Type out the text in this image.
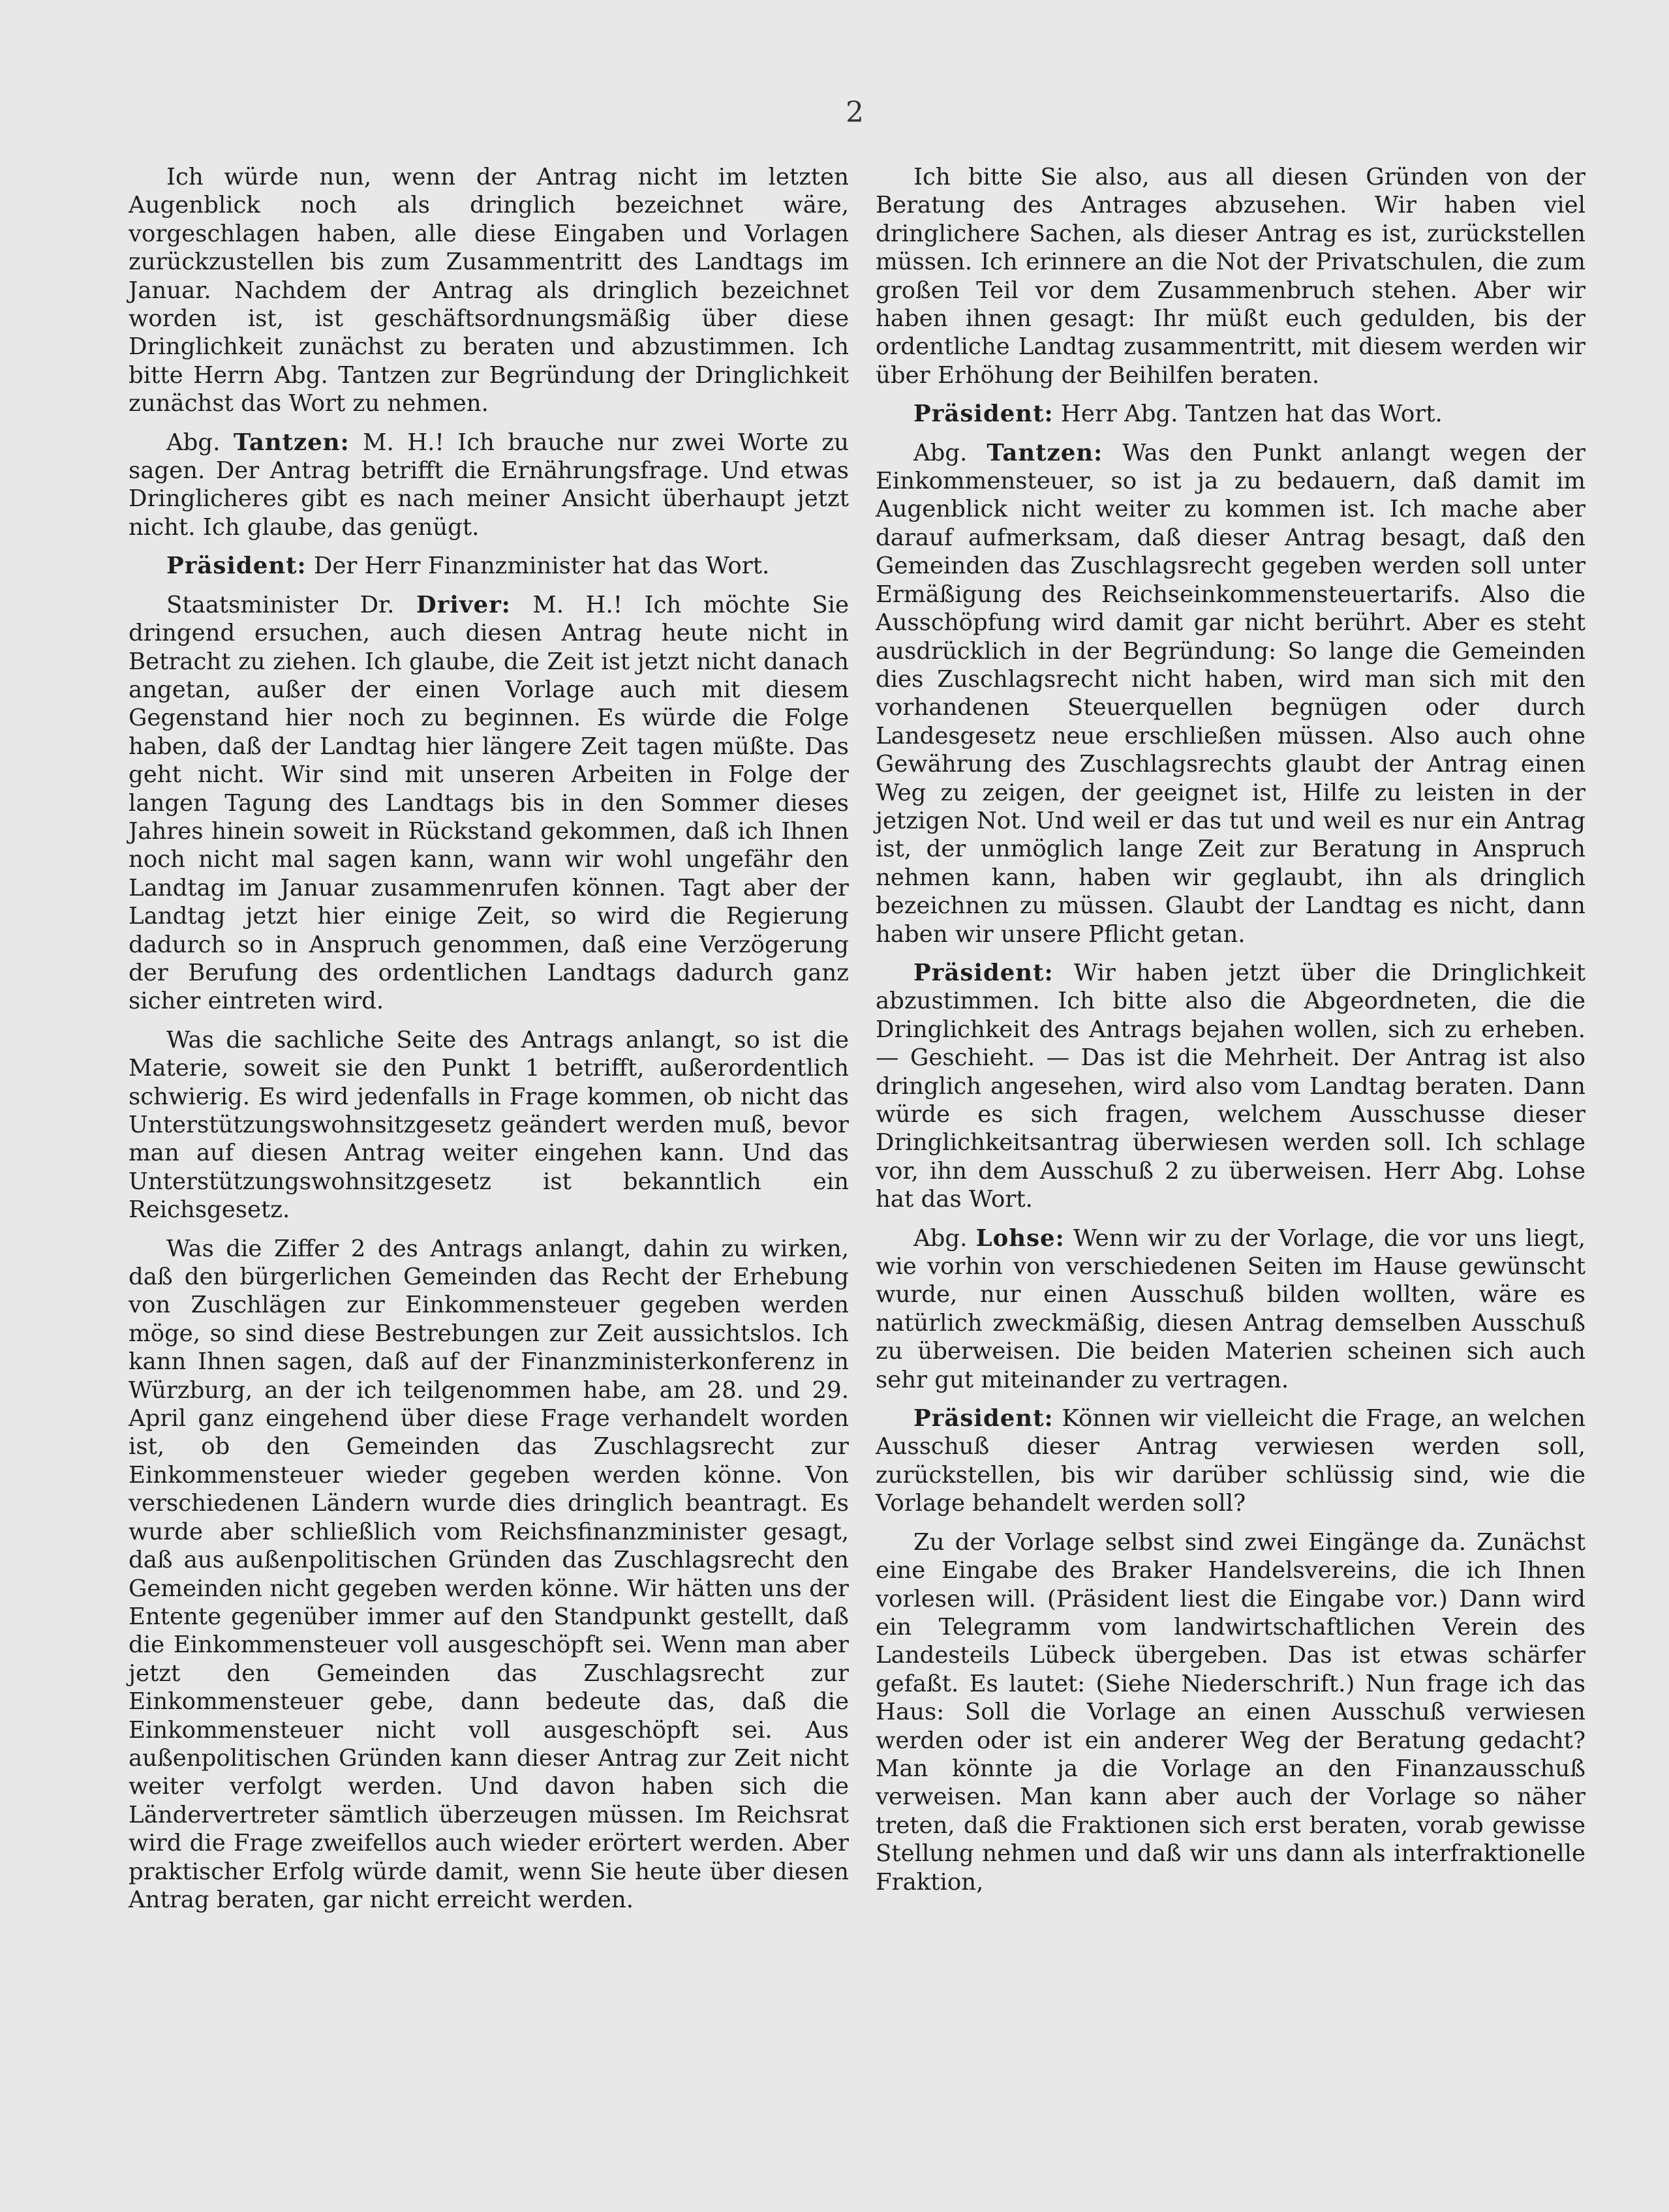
2

Ich würde nun, wenn der Antrag nicht im letzten Augenblick noch als dringlich bezeichnet wäre, vorgeschlagen haben, alle diese Eingaben und Vorlagen zurückzustellen bis zum Zusammentritt des Landtags im Januar. Nachdem der Antrag als dringlich bezeichnet worden ist, ist geschäftsordnungsmäßig über diese Dringlichkeit zunächst zu beraten und abzustimmen. Ich bitte Herrn Abg. Tantzen zur Begründung der Dringlichkeit zunächst das Wort zu nehmen.

Abg. Tantzen: M. H.! Ich brauche nur zwei Worte zu sagen. Der Antrag betrifft die Ernährungsfrage. Und etwas Dringlicheres gibt es nach meiner Ansicht überhaupt jetzt nicht. Ich glaube, das genügt.

Präsident: Der Herr Finanzminister hat das Wort.

Staatsminister Dr. Driver: M. H.! Ich möchte Sie dringend ersuchen, auch diesen Antrag heute nicht in Betracht zu ziehen. Ich glaube, die Zeit ist jetzt nicht danach angetan, außer der einen Vorlage auch mit diesem Gegenstand hier noch zu beginnen. Es würde die Folge haben, daß der Landtag hier längere Zeit tagen müßte. Das geht nicht. Wir sind mit unseren Arbeiten in Folge der langen Tagung des Landtags bis in den Sommer dieses Jahres hinein soweit in Rückstand gekommen, daß ich Ihnen noch nicht mal sagen kann, wann wir wohl ungefähr den Landtag im Januar zusammenrufen können. Tagt aber der Landtag jetzt hier einige Zeit, so wird die Regierung dadurch so in Anspruch genommen, daß eine Verzögerung der Berufung des ordentlichen Landtags dadurch ganz sicher eintreten wird.

Was die sachliche Seite des Antrags anlangt, so ist die Materie, soweit sie den Punkt 1 betrifft, außerordentlich schwierig. Es wird jedenfalls in Frage kommen, ob nicht das Unterstützungswohnsitzgesetz geändert werden muß, bevor man auf diesen Antrag weiter eingehen kann. Und das Unterstützungswohnsitzgesetz ist bekanntlich ein Reichsgesetz.

Was die Ziffer 2 des Antrags anlangt, dahin zu wirken, daß den bürgerlichen Gemeinden das Recht der Erhebung von Zuschlägen zur Einkommensteuer gegeben werden möge, so sind diese Bestrebungen zur Zeit aussichtslos. Ich kann Ihnen sagen, daß auf der Finanzministerkonferenz in Würzburg, an der ich teilgenommen habe, am 28. und 29. April ganz eingehend über diese Frage verhandelt worden ist, ob den Gemeinden das Zuschlagsrecht zur Einkommensteuer wieder gegeben werden könne. Von verschiedenen Ländern wurde dies dringlich beantragt. Es wurde aber schließlich vom Reichsfinanzminister gesagt, daß aus außenpolitischen Gründen das Zuschlagsrecht den Gemeinden nicht gegeben werden könne. Wir hätten uns der Entente gegenüber immer auf den Standpunkt gestellt, daß die Einkommensteuer voll ausgeschöpft sei. Wenn man aber jetzt den Gemeinden das Zuschlagsrecht zur Einkommensteuer gebe, dann bedeute das, daß die Einkommensteuer nicht voll ausgeschöpft sei. Aus außenpolitischen Gründen kann dieser Antrag zur Zeit nicht weiter verfolgt werden. Und davon haben sich die Ländervertreter sämtlich überzeugen müssen. Im Reichsrat wird die Frage zweifellos auch wieder erörtert werden. Aber praktischer Erfolg würde damit, wenn Sie heute über diesen Antrag beraten, gar nicht erreicht werden.

Ich bitte Sie also, aus all diesen Gründen von der Beratung des Antrages abzusehen. Wir haben viel dringlichere Sachen, als dieser Antrag es ist, zurückstellen müssen. Ich erinnere an die Not der Privatschulen, die zum großen Teil vor dem Zusammenbruch stehen. Aber wir haben ihnen gesagt: Ihr müßt euch gedulden, bis der ordentliche Landtag zusammentritt, mit diesem werden wir über Erhöhung der Beihilfen beraten.

Präsident: Herr Abg. Tantzen hat das Wort.

Abg. Tantzen: Was den Punkt anlangt wegen der Einkommensteuer, so ist ja zu bedauern, daß damit im Augenblick nicht weiter zu kommen ist. Ich mache aber darauf aufmerksam, daß dieser Antrag besagt, daß den Gemeinden das Zuschlagsrecht gegeben werden soll unter Ermäßigung des Reichseinkommensteuertarifs. Also die Ausschöpfung wird damit gar nicht berührt. Aber es steht ausdrücklich in der Begründung: So lange die Gemeinden dies Zuschlagsrecht nicht haben, wird man sich mit den vorhandenen Steuerquellen begnügen oder durch Landesgesetz neue erschließen müssen. Also auch ohne Gewährung des Zuschlagsrechts glaubt der Antrag einen Weg zu zeigen, der geeignet ist, Hilfe zu leisten in der jetzigen Not. Und weil er das tut und weil es nur ein Antrag ist, der unmöglich lange Zeit zur Beratung in Anspruch nehmen kann, haben wir geglaubt, ihn als dringlich bezeichnen zu müssen. Glaubt der Landtag es nicht, dann haben wir unsere Pflicht getan.

Präsident: Wir haben jetzt über die Dringlichkeit abzustimmen. Ich bitte also die Abgeordneten, die die Dringlichkeit des Antrags bejahen wollen, sich zu erheben. — Geschieht. — Das ist die Mehrheit. Der Antrag ist also dringlich angesehen, wird also vom Landtag beraten. Dann würde es sich fragen, welchem Ausschusse dieser Dringlichkeitsantrag überwiesen werden soll. Ich schlage vor, ihn dem Ausschuß 2 zu überweisen. Herr Abg. Lohse hat das Wort.

Abg. Lohse: Wenn wir zu der Vorlage, die vor uns liegt, wie vorhin von verschiedenen Seiten im Hause gewünscht wurde, nur einen Ausschuß bilden wollten, wäre es natürlich zweckmäßig, diesen Antrag demselben Ausschuß zu überweisen. Die beiden Materien scheinen sich auch sehr gut miteinander zu vertragen.

Präsident: Können wir vielleicht die Frage, an welchen Ausschuß dieser Antrag verwiesen werden soll, zurückstellen, bis wir darüber schlüssig sind, wie die Vorlage behandelt werden soll?

Zu der Vorlage selbst sind zwei Eingänge da. Zunächst eine Eingabe des Braker Handelsvereins, die ich Ihnen vorlesen will. (Präsident liest die Eingabe vor.) Dann wird ein Telegramm vom landwirtschaftlichen Verein des Landesteils Lübeck übergeben. Das ist etwas schärfer gefaßt. Es lautet: (Siehe Niederschrift.) Nun frage ich das Haus: Soll die Vorlage an einen Ausschuß verwiesen werden oder ist ein anderer Weg der Beratung gedacht? Man könnte ja die Vorlage an den Finanzausschuß verweisen. Man kann aber auch der Vorlage so näher treten, daß die Fraktionen sich erst beraten, vorab gewisse Stellung nehmen und daß wir uns dann als interfraktionelle Fraktion,
